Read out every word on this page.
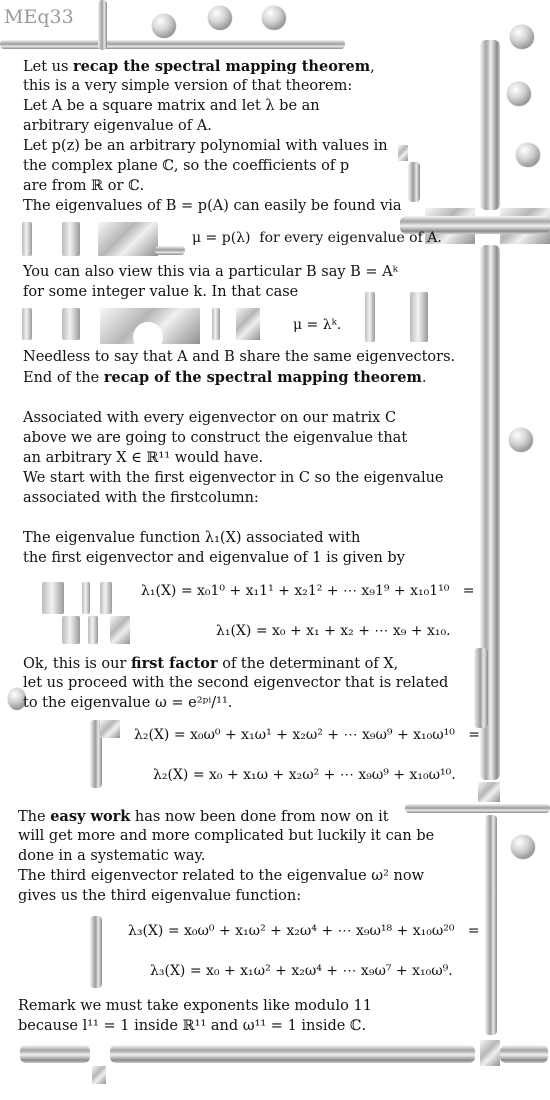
MEq33
Let us recap the spectral mapping theorem,
this is a very simple version of that theorem:
Let A be a square matrix and let λ be an
arbitrary eigenvalue of A.
Let p(z) be an arbitrary polynomial with values in
the complex plane ℂ, so the coefficients of p
are from ℝ or ℂ.
The eigenvalues of B = p(A) can easily be found via
μ = p(λ)  for every eigenvalue of A.
You can also view this via a particular B say B = Aᵏ
for some integer value k. In that case
μ = λᵏ.
Needless to say that A and B share the same eigenvectors.
End of the recap of the spectral mapping theorem.
Associated with every eigenvector on our matrix C
above we are going to construct the eigenvalue that
an arbitrary X ∈ ℝ¹¹ would have.
We start with the first eigenvector in C so the eigenvalue
associated with the firstcolumn:
The eigenvalue function λ₁(X) associated with
the first eigenvector and eigenvalue of 1 is given by
λ₁(X) = x₀1⁰ + x₁1¹ + x₂1² + ⋯ x₉1⁹ + x₁₀1¹⁰   =
λ₁(X) = x₀ + x₁ + x₂ + ⋯ x₉ + x₁₀.
Ok, this is our first factor of the determinant of X,
let us proceed with the second eigenvector that is related
to the eigenvalue ω = e²ᵖⁱ/¹¹.
λ₂(X) = x₀ω⁰ + x₁ω¹ + x₂ω² + ⋯ x₉ω⁹ + x₁₀ω¹⁰   =
λ₂(X) = x₀ + x₁ω + x₂ω² + ⋯ x₉ω⁹ + x₁₀ω¹⁰.
The easy work has now been done from now on it
will get more and more complicated but luckily it can be
done in a systematic way.
The third eigenvector related to the eigenvalue ω² now
gives us the third eigenvalue function:
λ₃(X) = x₀ω⁰ + x₁ω² + x₂ω⁴ + ⋯ x₉ω¹⁸ + x₁₀ω²⁰   =
λ₃(X) = x₀ + x₁ω² + x₂ω⁴ + ⋯ x₉ω⁷ + x₁₀ω⁹.
Remark we must take exponents like modulo 11
because l¹¹ = 1 inside ℝ¹¹ and ω¹¹ = 1 inside ℂ.
